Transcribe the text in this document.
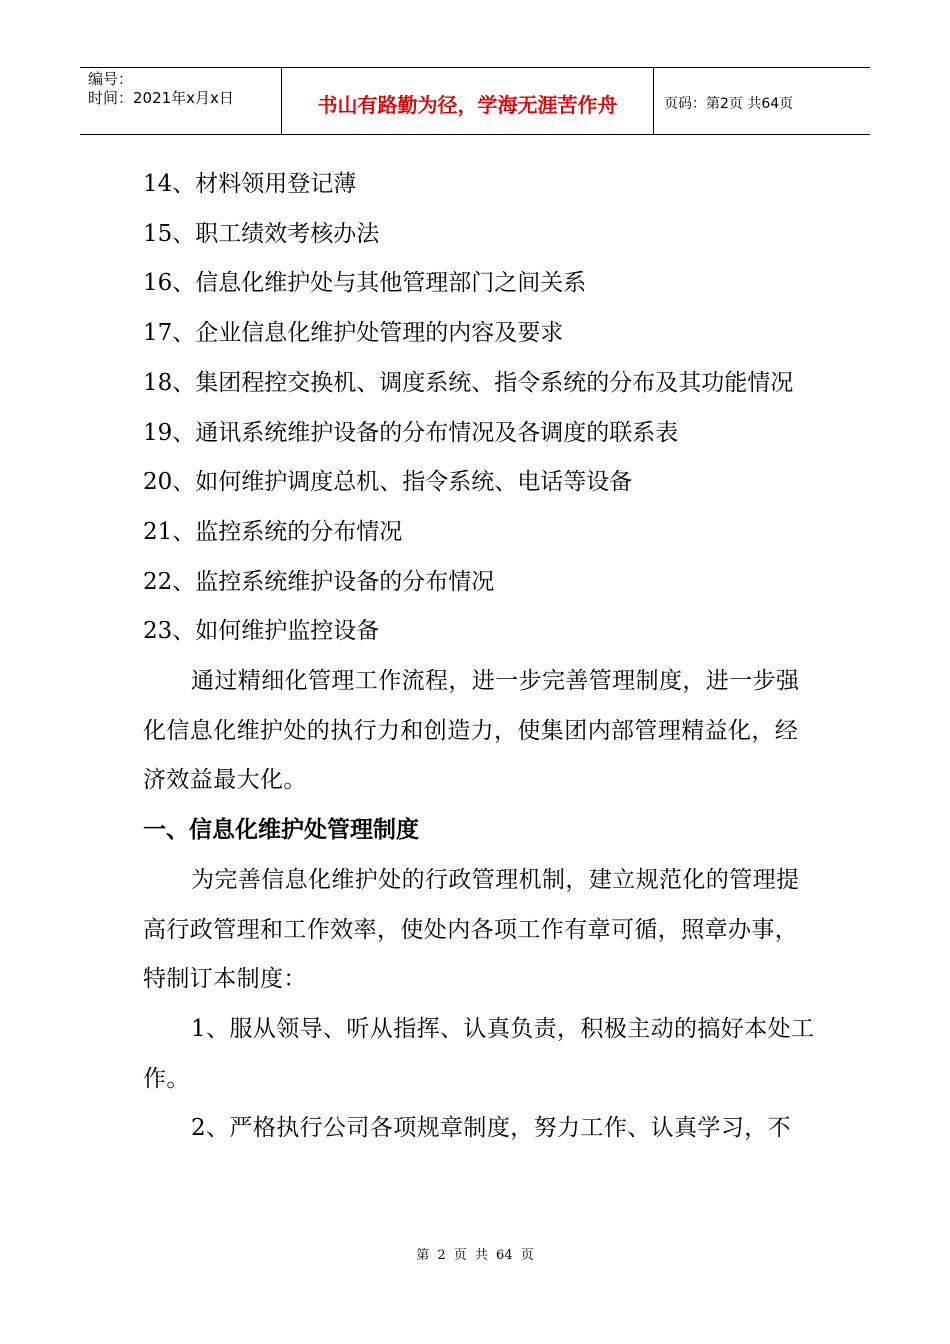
编号：
时间：2021年x月x日	书山有路勤为径，学海无涯苦作舟	页码：第2页 共64页

14、材料领用登记薄

15、职工绩效考核办法

16、信息化维护处与其他管理部门之间关系

17、企业信息化维护处管理的内容及要求

18、集团程控交换机、调度系统、指令系统的分布及其功能情况

19、通讯系统维护设备的分布情况及各调度的联系表

20、如何维护调度总机、指令系统、电话等设备

21、监控系统的分布情况

22、监控系统维护设备的分布情况

23、如何维护监控设备

通过精细化管理工作流程，进一步完善管理制度，进一步强化信息化维护处的执行力和创造力，使集团内部管理精益化，经济效益最大化。

一、信息化维护处管理制度

为完善信息化维护处的行政管理机制，建立规范化的管理提高行政管理和工作效率，使处内各项工作有章可循，照章办事，特制订本制度：

1、服从领导、听从指挥、认真负责，积极主动的搞好本处工作。

2、严格执行公司各项规章制度，努力工作、认真学习，不

第 2 页 共 64 页
